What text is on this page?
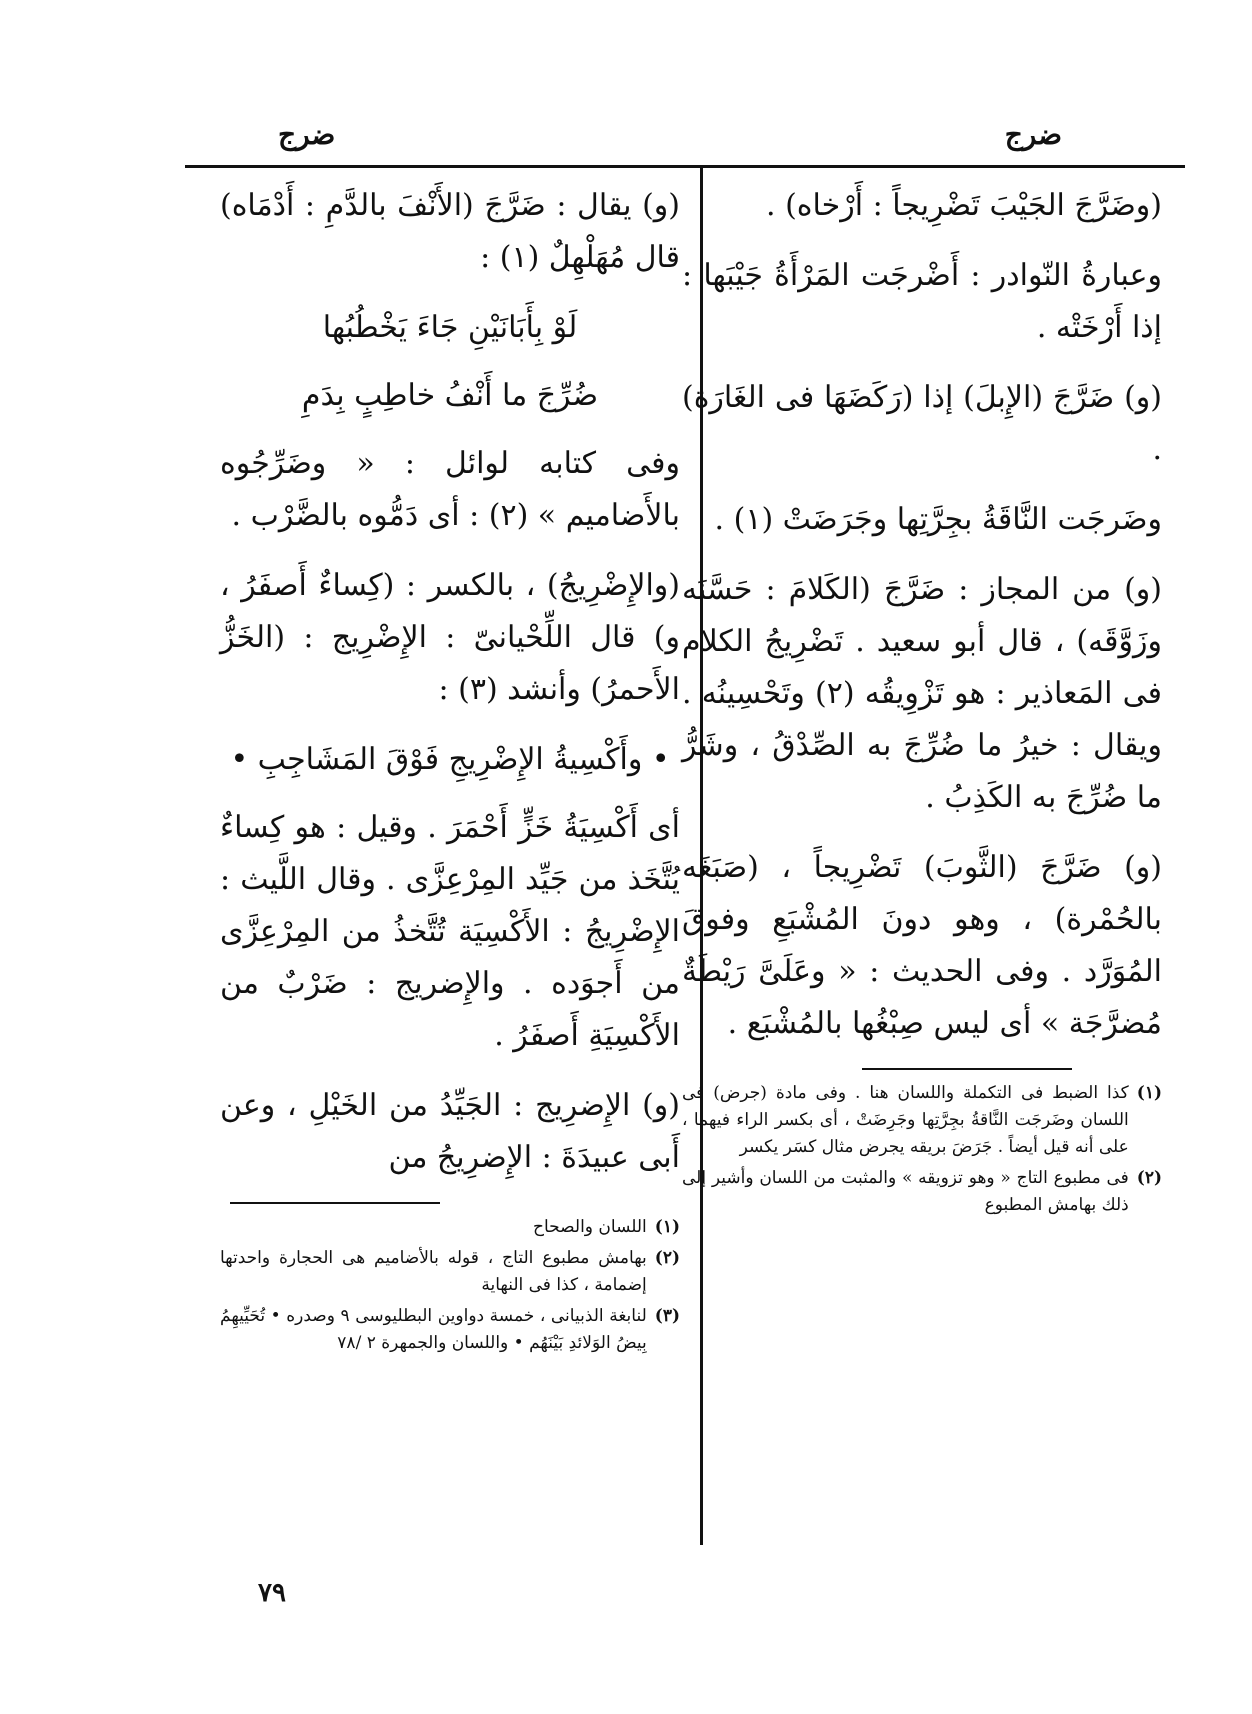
ضرج
ضرج

(وضَرَّجَ الجَيْبَ تَضْرِيجاً : أَرْخاه) .

وعبارةُ النّوادر : أَضْرجَت المَرْأَةُ جَيْبَها : إذا أَرْخَتْه .

(و) ضَرَّجَ (الإِبلَ) إذا (رَكَضَهَا فى الغَارَة) .

وضَرجَت النَّاقَةُ بجِرَّتِها وجَرَضَتْ (١) .

(و) من المجاز : ضَرَّجَ (الكَلامَ : حَسَّنَه وزَوَّقَه) ، قال أبو سعيد . تَضْرِيجُ الكلام فى المَعاذير : هو تَزْوِيقُه (٢) وتَحْسِينُه . ويقال : خيرُ ما ضُرِّجَ به الصِّدْقُ ، وشَرُّ ما ضُرِّجَ به الكَذِبُ .

(و) ضَرَّجَ (الثَّوبَ) تَضْرِيجاً ، (صَبَغَه بالحُمْرة) ، وهو دونَ المُشْبَعِ وفوقَ المُوَرَّد . وفى الحديث : « وعَلَىَّ رَيْطَةٌ مُضرَّجَة » أى ليس صِبْغُها بالمُشْبَع .

(١)
كذا الضبط فى التكملة واللسان هنا . وفى مادة (جرض) فى اللسان وضَرجَت النَّاقةُ بجِرَّتِها وجَرِضَتْ ، أى بكسر الراء فيهما ، على أنه قيل أيضاً . جَرَضَ بريقه يجرض مثال كسَر يكسر
(٢)
فى مطبوع التاج « وهو تزويقه » والمثبت من اللسان وأشير إلى ذلك بهامش المطبوع

(و) يقال : ضَرَّجَ (الأَنْفَ بالدَّمِ : أَدْمَاه) قال مُهَلْهِلٌ (١) :

لَوْ بِأَبَانَيْنِ جَاءَ يَخْطُبُها

ضُرِّجَ ما أَنْفُ خاطِبٍ بِدَمِ

وفى كتابه لوائل : « وضَرِّجُوه بالأَضاميم » (٢) : أى دَمُّوه بالضَّرْب .

(والإِضْرِيجُ) ، بالكسر : (كِساءٌ أَصفَرُ ، و) قال اللِّحْيانىّ : الإِضْرِيج : (الخَزُّ الأَحمرُ) وأنشد (٣) :

• وأَكْسِيةُ الإِضْرِيجِ فَوْقَ المَشَاجِبِ •

أى أَكْسِيَةُ خَزٍّ أَحْمَرَ . وقيل : هو كِساءٌ يُتَّخَذ من جَيِّد المِرْعِزَّى . وقال اللَّيث : الإِضْرِيجُ : الأَكْسِيَة تُتَّخذُ من المِرْعِزَّى من أَجوَده . والإِضريج : ضَرْبٌ من الأَكْسِيَةِ أَصفَرُ .

(و) الإِضرِيج : الجَيِّدُ من الخَيْلِ ، وعن أَبى عبيدَةَ : الإِضرِيجُ من

(١)
اللسان والصحاح
(٢)
بهامش مطبوع التاج ، قوله بالأضاميم هى الحجارة واحدتها إضمامة ، كذا فى النهاية
(٣)
لنابغة الذبيانى ، خمسة دواوين البطليوسى ٩ وصدره • تُحَيِّيهِمُ بِيضُ الوَلائدِ بَيْنَهُم • واللسان والجمهرة ٢ /٧٨
٧٩
